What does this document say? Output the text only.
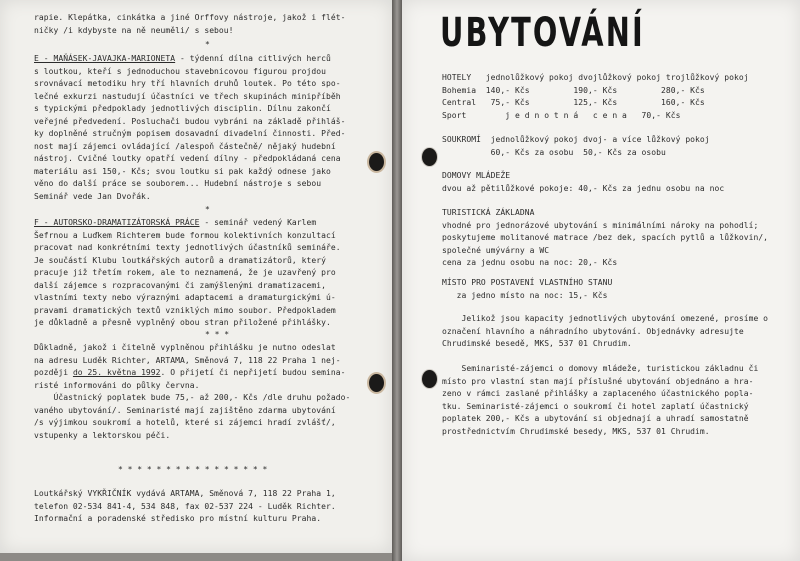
rapie. Klepátka, cinkátka a jiné Orffovy nástroje, jakož i flét-
ničky /i kdybyste na ně neuměli/ s sebou!

*

E - MAŇÁSEK-JAVAJKA-MARIONETA - týdenní dílna citlivých herců

s loutkou, kteří s jednoduchou stavebnicovou figurou projdou
srovnávací metodiku hry tří hlavních druhů loutek. Po této spo-
lečné exkurzi nastudují účastníci ve třech skupinách minipříběh
s typickými předpoklady jednotlivých disciplin. Dílnu zakončí
veřejné předvedení. Posluchači budou vybráni na základě přihláš-
ky doplněné stručným popisem dosavadní divadelní činnosti. Před-
nost mají zájemci ovládající /alespoň částečně/ nějaký hudební
nástroj. Cvičné loutky opatří vedení dílny - předpokládaná cena
materiálu asi 150,- Kčs; svou loutku si pak každý odnese jako
věno do další práce se souborem... Hudební nástroje s sebou
Seminář vede Jan Dvořák.

*

F - AUTORSKO-DRAMATIZÁTORSKÁ PRÁCE - seminář vedený Karlem

Šefrnou a Luďkem Richterem bude formou kolektivních konzultací
pracovat nad konkrétními texty jednotlivých účastníků semináře.
Je součástí Klubu loutkářských autorů a dramatizátorů, který
pracuje již třetím rokem, ale to neznamená, že je uzavřený pro
další zájemce s rozpracovanými či zamýšlenými dramatizacemi,
vlastními texty nebo výraznými adaptacemi a dramaturgickými ú-
pravami dramatických textů vzniklých mimo soubor. Předpokladem
je důkladně a přesně vyplněný obou stran přiložené přihlášky.

* * *

Důkladně, jakož i čitelně vyplněnou přihlášku je nutno odeslat
na adresu Luděk Richter, ARTAMA, Směnová 7, 118 22 Praha 1 nej-
později do 25. května 1992. O přijetí či nepřijetí budou semina-
risté informováni do půlky června.

Účastnický poplatek bude 75,- až 200,- Kčs /dle druhu požado-
vaného ubytování/. Seminaristé mají zajištěno zdarma ubytování
/s výjimkou soukromí a hotelů, které si zájemci hradí zvlášť/,
vstupenky a lektorskou péči.

* * * * * * * * * * * * * * * *

Loutkářský VYKŘIČNÍK vydává ARTAMA, Směnová 7, 118 22 Praha 1,
telefon 02-534 841-4, 534 848, fax 02-537 224 - Luděk Richter.
Informační a poradenské středisko pro místní kulturu Praha.

UBYTOVÁNÍ

HOTELY   jednolůžkový pokoj dvojlůžkový pokoj trojlůžkový pokoj
Bohemia  140,- Kčs         190,- Kčs         280,- Kčs
Central   75,- Kčs         125,- Kčs         160,- Kčs
Sport        j e d n o t n á   c e n a   70,- Kčs

SOUKROMÍ  jednolůžkový pokoj dvoj- a více lůžkový pokoj
60,- Kčs za osobu  50,- Kčs za osobu

DOMOVY MLÁDEŽE

dvou až pětilůžkové pokoje: 40,- Kčs za jednu osobu na noc

TURISTICKÁ ZÁKLADNA

vhodné pro jednorázové ubytování s minimálními nároky na pohodlí;
poskytujeme molitanové matrace /bez dek, spacích pytlů a lůžkovin/,
společné umývárny a WC
cena za jednu osobu na noc: 20,- Kčs

MÍSTO PRO POSTAVENÍ VLASTNÍHO STANU

za jedno místo na noc: 15,- Kčs

Jelikož jsou kapacity jednotlivých ubytování omezené, prosíme o
označení hlavního a náhradního ubytování. Objednávky adresujte
Chrudimské besedě, MKS, 537 01 Chrudim.

Seminaristé-zájemci o domovy mládeže, turistickou základnu či
místo pro vlastní stan mají příslušné ubytování objednáno a hra-
zeno v rámci zaslané přihlášky a zaplaceného účastnického popla-
tku. Seminaristé-zájemci o soukromí či hotel zaplatí účastnický
poplatek 200,- Kčs a ubytování si objednají a uhradí samostatně
prostřednictvím Chrudimské besedy, MKS, 537 01 Chrudim.
